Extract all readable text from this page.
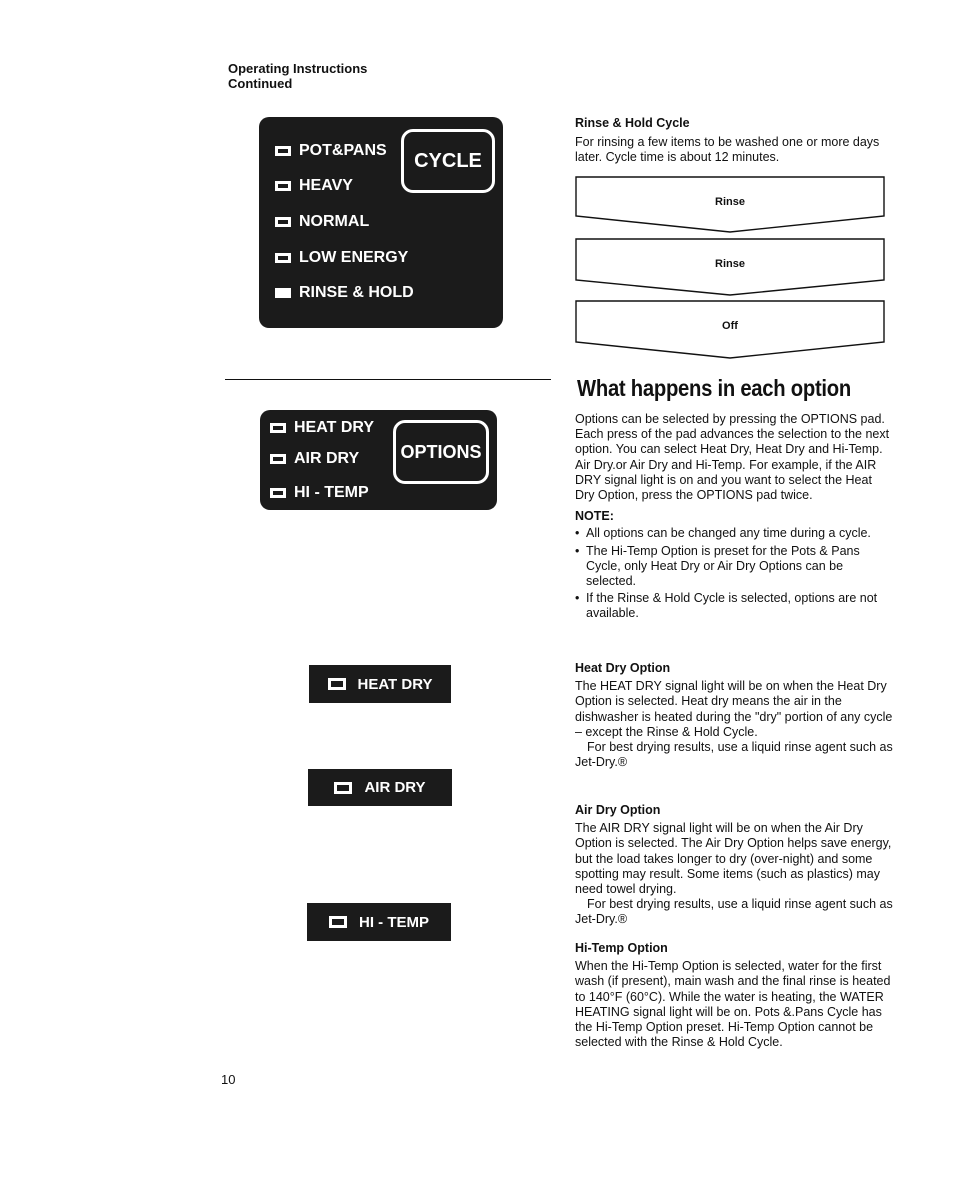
Operating Instructions
Continued
POT&PANS
HEAVY
NORMAL
LOW ENERGY
RINSE & HOLD
CYCLE
HEAT DRY
AIR DRY
HI - TEMP
OPTIONS
HEAT DRY
AIR DRY
HI - TEMP

Rinse & Hold Cycle

For rinsing a few items to be washed one or more days later. Cycle time is about 12 minutes.

Rinse
Rinse
Off
What happens in each option

Options can be selected by pressing the OPTIONS pad. Each press of the pad advances the selection to the next option. You can select Heat Dry, Heat Dry and Hi-Temp. Air Dry.or Air Dry and Hi-Temp. For example, if the AIR DRY signal light is on and you want to select the Heat Dry Option, press the OPTIONS pad twice.

NOTE:

• All options can be changed any time during a cycle.
• The Hi-Temp Option is preset for the Pots & Pans Cycle, only Heat Dry or Air Dry Options can be selected.
• If the Rinse & Hold Cycle is selected, options are not available.

Heat Dry Option

The HEAT DRY signal light will be on when the Heat Dry Option is selected. Heat dry means the air in the dishwasher is heated during the "dry" portion of any cycle – except the Rinse & Hold Cycle.

For best drying results, use a liquid rinse agent such as Jet-Dry.®

Air Dry Option

The AIR DRY signal light will be on when the Air Dry Option is selected. The Air Dry Option helps save energy, but the load takes longer to dry (over-night) and some spotting may result. Some items (such as plastics) may need towel drying.

For best drying results, use a liquid rinse agent such as Jet-Dry.®

Hi-Temp Option

When the Hi-Temp Option is selected, water for the first wash (if present), main wash and the final rinse is heated to 140°F (60°C). While the water is heating, the WATER HEATING signal light will be on. Pots &.Pans Cycle has the Hi-Temp Option preset. Hi-Temp Option cannot be selected with the Rinse & Hold Cycle.

10
